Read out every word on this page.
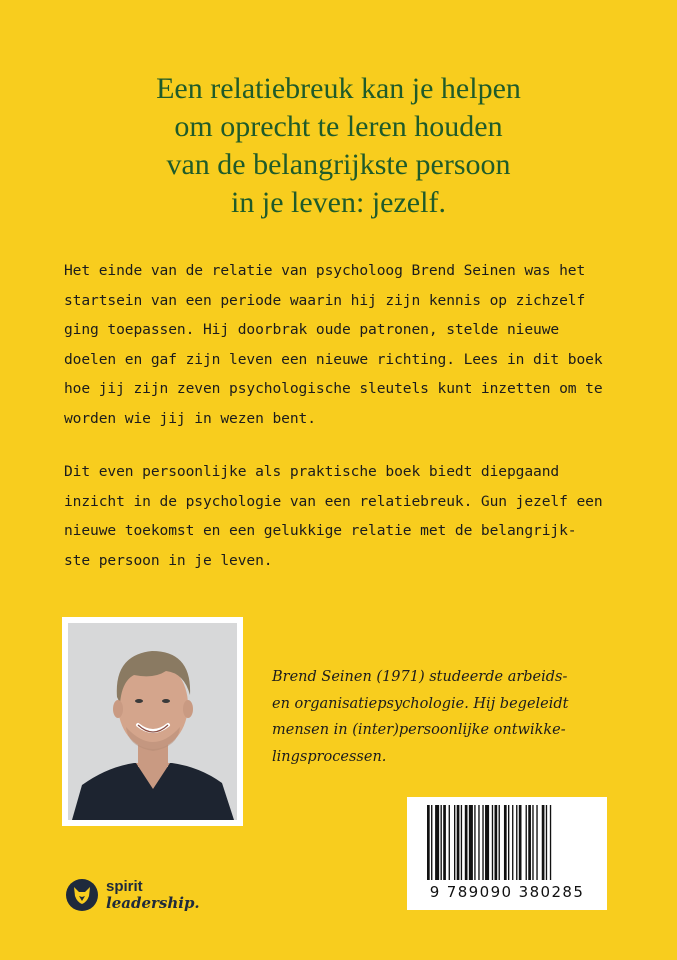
Een relatiebreuk kan je helpen
om oprecht te leren houden
van de belangrijkste persoon
in je leven: jezelf.
Het einde van de relatie van psycholoog Brend Seinen was het
startsein van een periode waarin hij zijn kennis op zichzelf
ging toepassen. Hij doorbrak oude patronen, stelde nieuwe
doelen en gaf zijn leven een nieuwe richting. Lees in dit boek
hoe jij zijn zeven psychologische sleutels kunt inzetten om te
worden wie jij in wezen bent.
Dit even persoonlijke als praktische boek biedt diepgaand
inzicht in de psychologie van een relatiebreuk. Gun jezelf een
nieuwe toekomst en een gelukkige relatie met de belangrijk-
ste persoon in je leven.
Brend Seinen (1971) studeerde arbeids-
en organisatiepsychologie. Hij begeleidt
mensen in (inter)persoonlijke ontwikke-
lingsprocessen.
9 789090 380285
spirit
leadership.
